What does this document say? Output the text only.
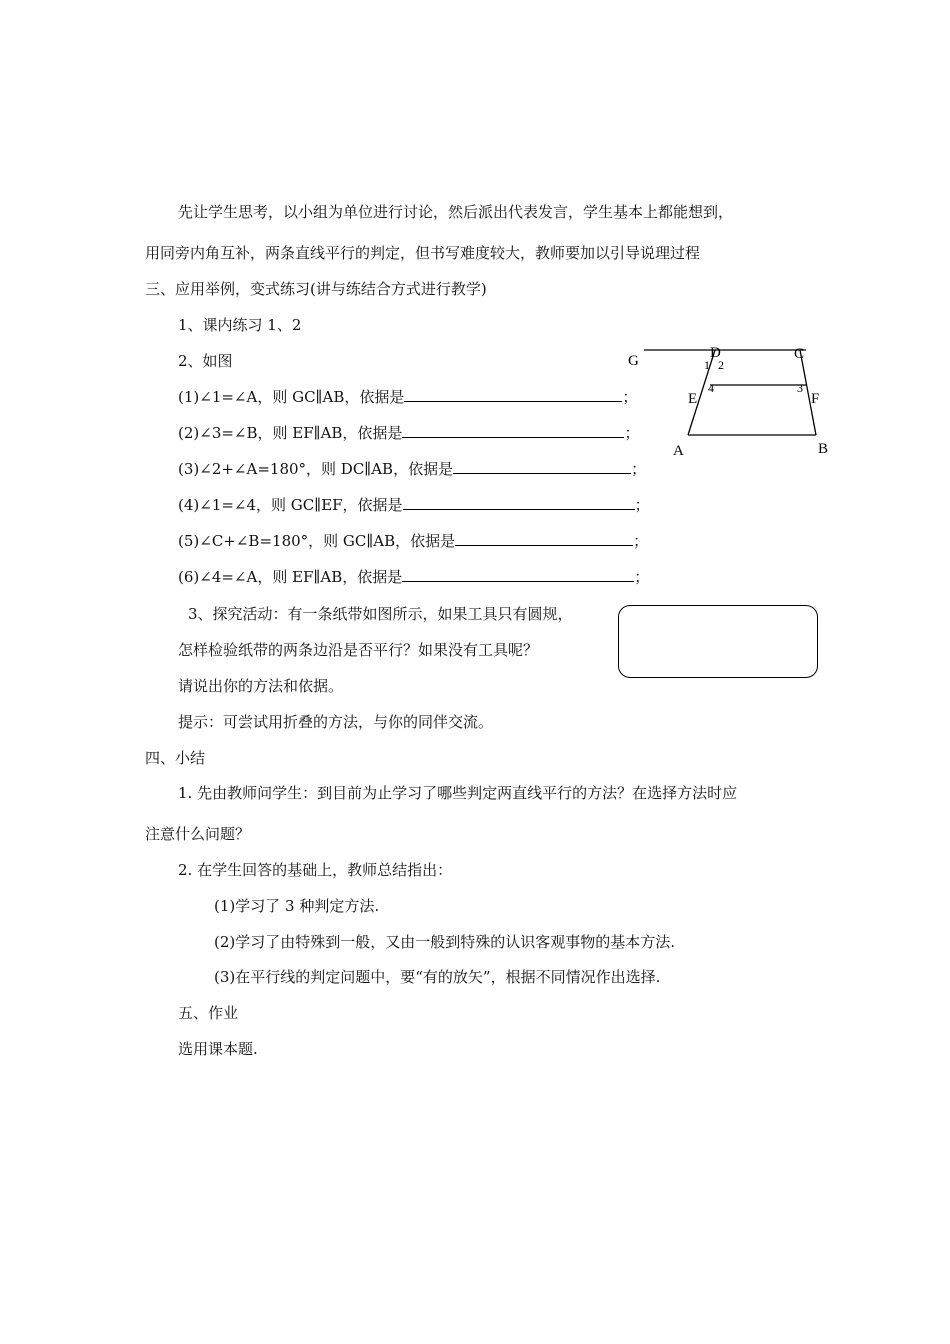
先让学生思考，以小组为单位进行讨论，然后派出代表发言，学生基本上都能想到，
用同旁内角互补，两条直线平行的判定，但书写难度较大，教师要加以引导说理过程
三、应用举例，变式练习(讲与练结合方式进行教学)
1、课内练习 1、2
2、如图
(1)∠1=∠A，则 GC∥AB，依据是	；
(2)∠3=∠B，则 EF∥AB，依据是	；
(3)∠2+∠A=180°，则 DC∥AB，依据是	；
(4)∠1=∠4，则 GC∥EF，依据是	；
(5)∠C+∠B=180°，则 GC∥AB，依据是	；
(6)∠4=∠A，则 EF∥AB，依据是	；
G	D	C
E	F
A	B
1 2
4	3
3、探究活动：有一条纸带如图所示，如果工具只有圆规，
怎样检验纸带的两条边沿是否平行？如果没有工具呢？
请说出你的方法和依据。
提示：可尝试用折叠的方法，与你的同伴交流。
四、小结
1. 先由教师问学生：到目前为止学习了哪些判定两直线平行的方法？在选择方法时应
注意什么问题？
2. 在学生回答的基础上，教师总结指出：
(1)学习了 3 种判定方法.
(2)学习了由特殊到一般，又由一般到特殊的认识客观事物的基本方法.
(3)在平行线的判定问题中，要“有的放矢”，根据不同情况作出选择.
五、作业
选用课本题.
